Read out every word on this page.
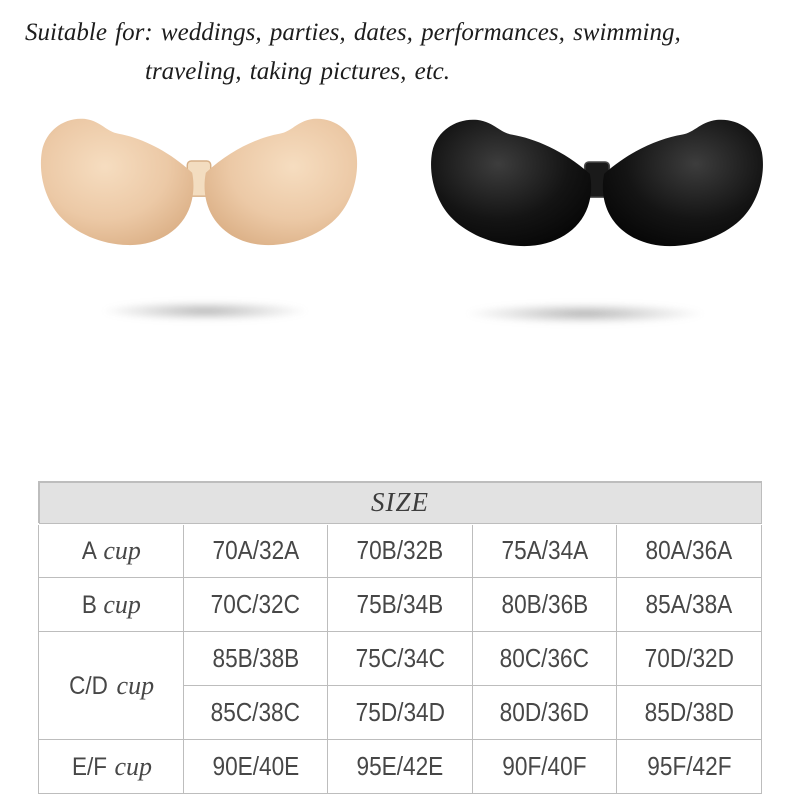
Suitable for: weddings, parties, dates, performances, swimming,
traveling, taking pictures, etc.
SIZE				
A cup	70A/32A	70B/32B	75A/34A	80A/36A
B cup	70C/32C	75B/34B	80B/36B	85A/38A
C/D cup	85B/38B	75C/34C	80C/36C	70D/32D
	85C/38C	75D/34D	80D/36D	85D/38D
E/F cup	90E/40E	95E/42E	90F/40F	95F/42F
